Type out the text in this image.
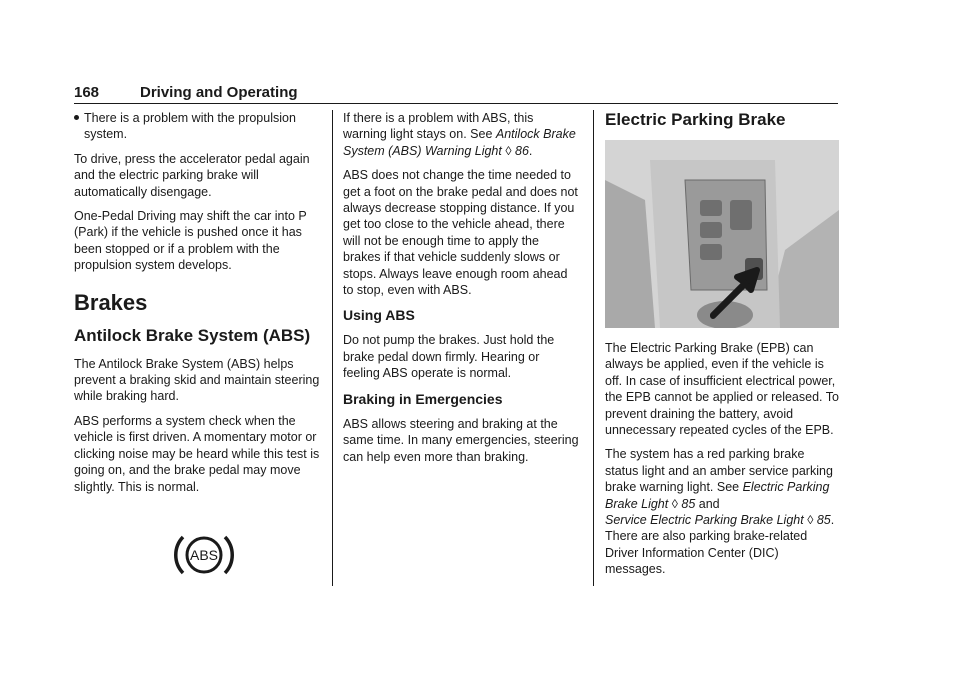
168	Driving and Operating
There is a problem with the propulsion system.

To drive, press the accelerator pedal again and the electric parking brake will automatically disengage.

One-Pedal Driving may shift the car into P (Park) if the vehicle is pushed once it has been stopped or if a problem with the propulsion system develops.

Brakes
Antilock Brake System (ABS)

The Antilock Brake System (ABS) helps prevent a braking skid and maintain steering while braking hard.

ABS performs a system check when the vehicle is first driven. A momentary motor or clicking noise may be heard while this test is going on, and the brake pedal may move slightly. This is normal.

ABS

If there is a problem with ABS, this warning light stays on. See Antilock Brake System (ABS) Warning Light ◊ 86.

ABS does not change the time needed to get a foot on the brake pedal and does not always decrease stopping distance. If you get too close to the vehicle ahead, there will not be enough time to apply the brakes if that vehicle suddenly slows or stops. Always leave enough room ahead to stop, even with ABS.

Using ABS

Do not pump the brakes. Just hold the brake pedal down firmly. Hearing or feeling ABS operate is normal.

Braking in Emergencies

ABS allows steering and braking at the same time. In many emergencies, steering can help even more than braking.

Electric Parking Brake

The Electric Parking Brake (EPB) can always be applied, even if the vehicle is off. In case of insufficient electrical power, the EPB cannot be applied or released. To prevent draining the battery, avoid unnecessary repeated cycles of the EPB.

The system has a red parking brake status light and an amber service parking brake warning light. See Electric Parking Brake Light ◊ 85 and
Service Electric Parking Brake Light ◊ 85. There are also parking brake-related Driver Information Center (DIC) messages.
